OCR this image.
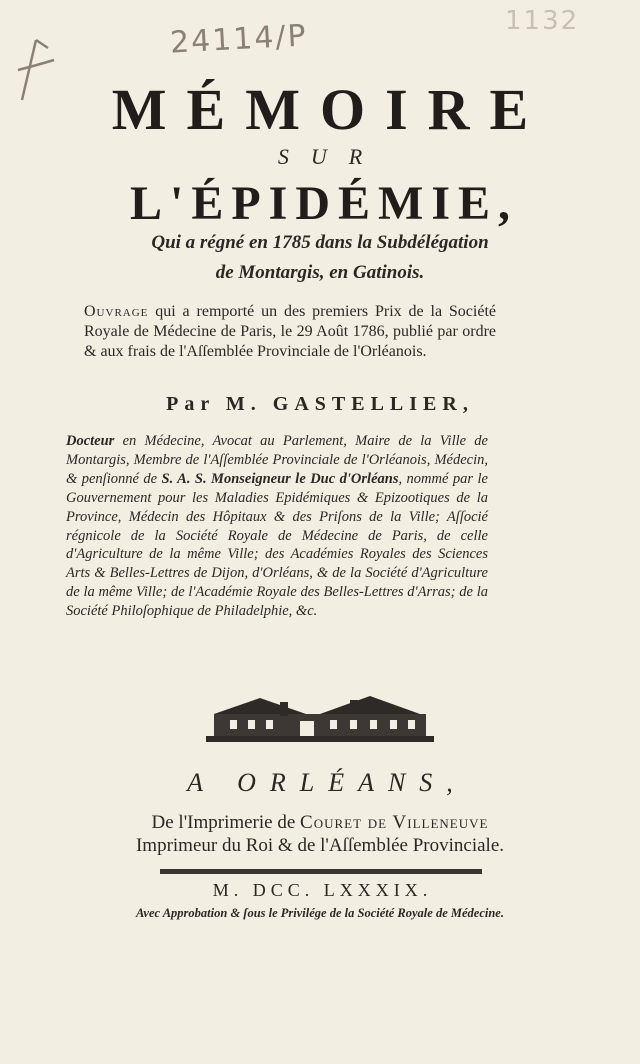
24114/P	1132
MÉMOIRE
SUR
L'ÉPIDÉMIE,
Qui a régné en 1785 dans la Subdélégation
de Montargis, en Gatinois.
Ouvrage qui a remporté un des premiers Prix de la Société Royale de Médecine de Paris, le 29 Août 1786, publié par ordre & aux frais de l'Aſſemblée Provinciale de l'Orléanois.
Par M. GASTELLIER,
Docteur en Médecine, Avocat au Parlement, Maire de la Ville de Montargis, Membre de l'Aſſemblée Provinciale de l'Orléanois, Médecin, & penſionné de S. A. S. Monseigneur le Duc d'Orléans, nommé par le Gouvernement pour les Maladies Epidémiques & Epizootiques de la Province, Médecin des Hôpitaux & des Priſons de la Ville; Aſſocié régnicole de la Société Royale de Médecine de Paris, de celle d'Agriculture de la même Ville; des Académies Royales des Sciences Arts & Belles-Lettres de Dijon, d'Orléans, & de la Société d'Agriculture de la même Ville; de l'Académie Royale des Belles-Lettres d'Arras; de la Société Philoſophique de Philadelphie, &c.
A ORLÉANS,
De l'Imprimerie de Couret de Villeneuve
Imprimeur du Roi & de l'Aſſemblée Provinciale.
M. DCC. LXXXIX.
Avec Approbation & ſous le Privilége de la Société Royale de Médecine.
